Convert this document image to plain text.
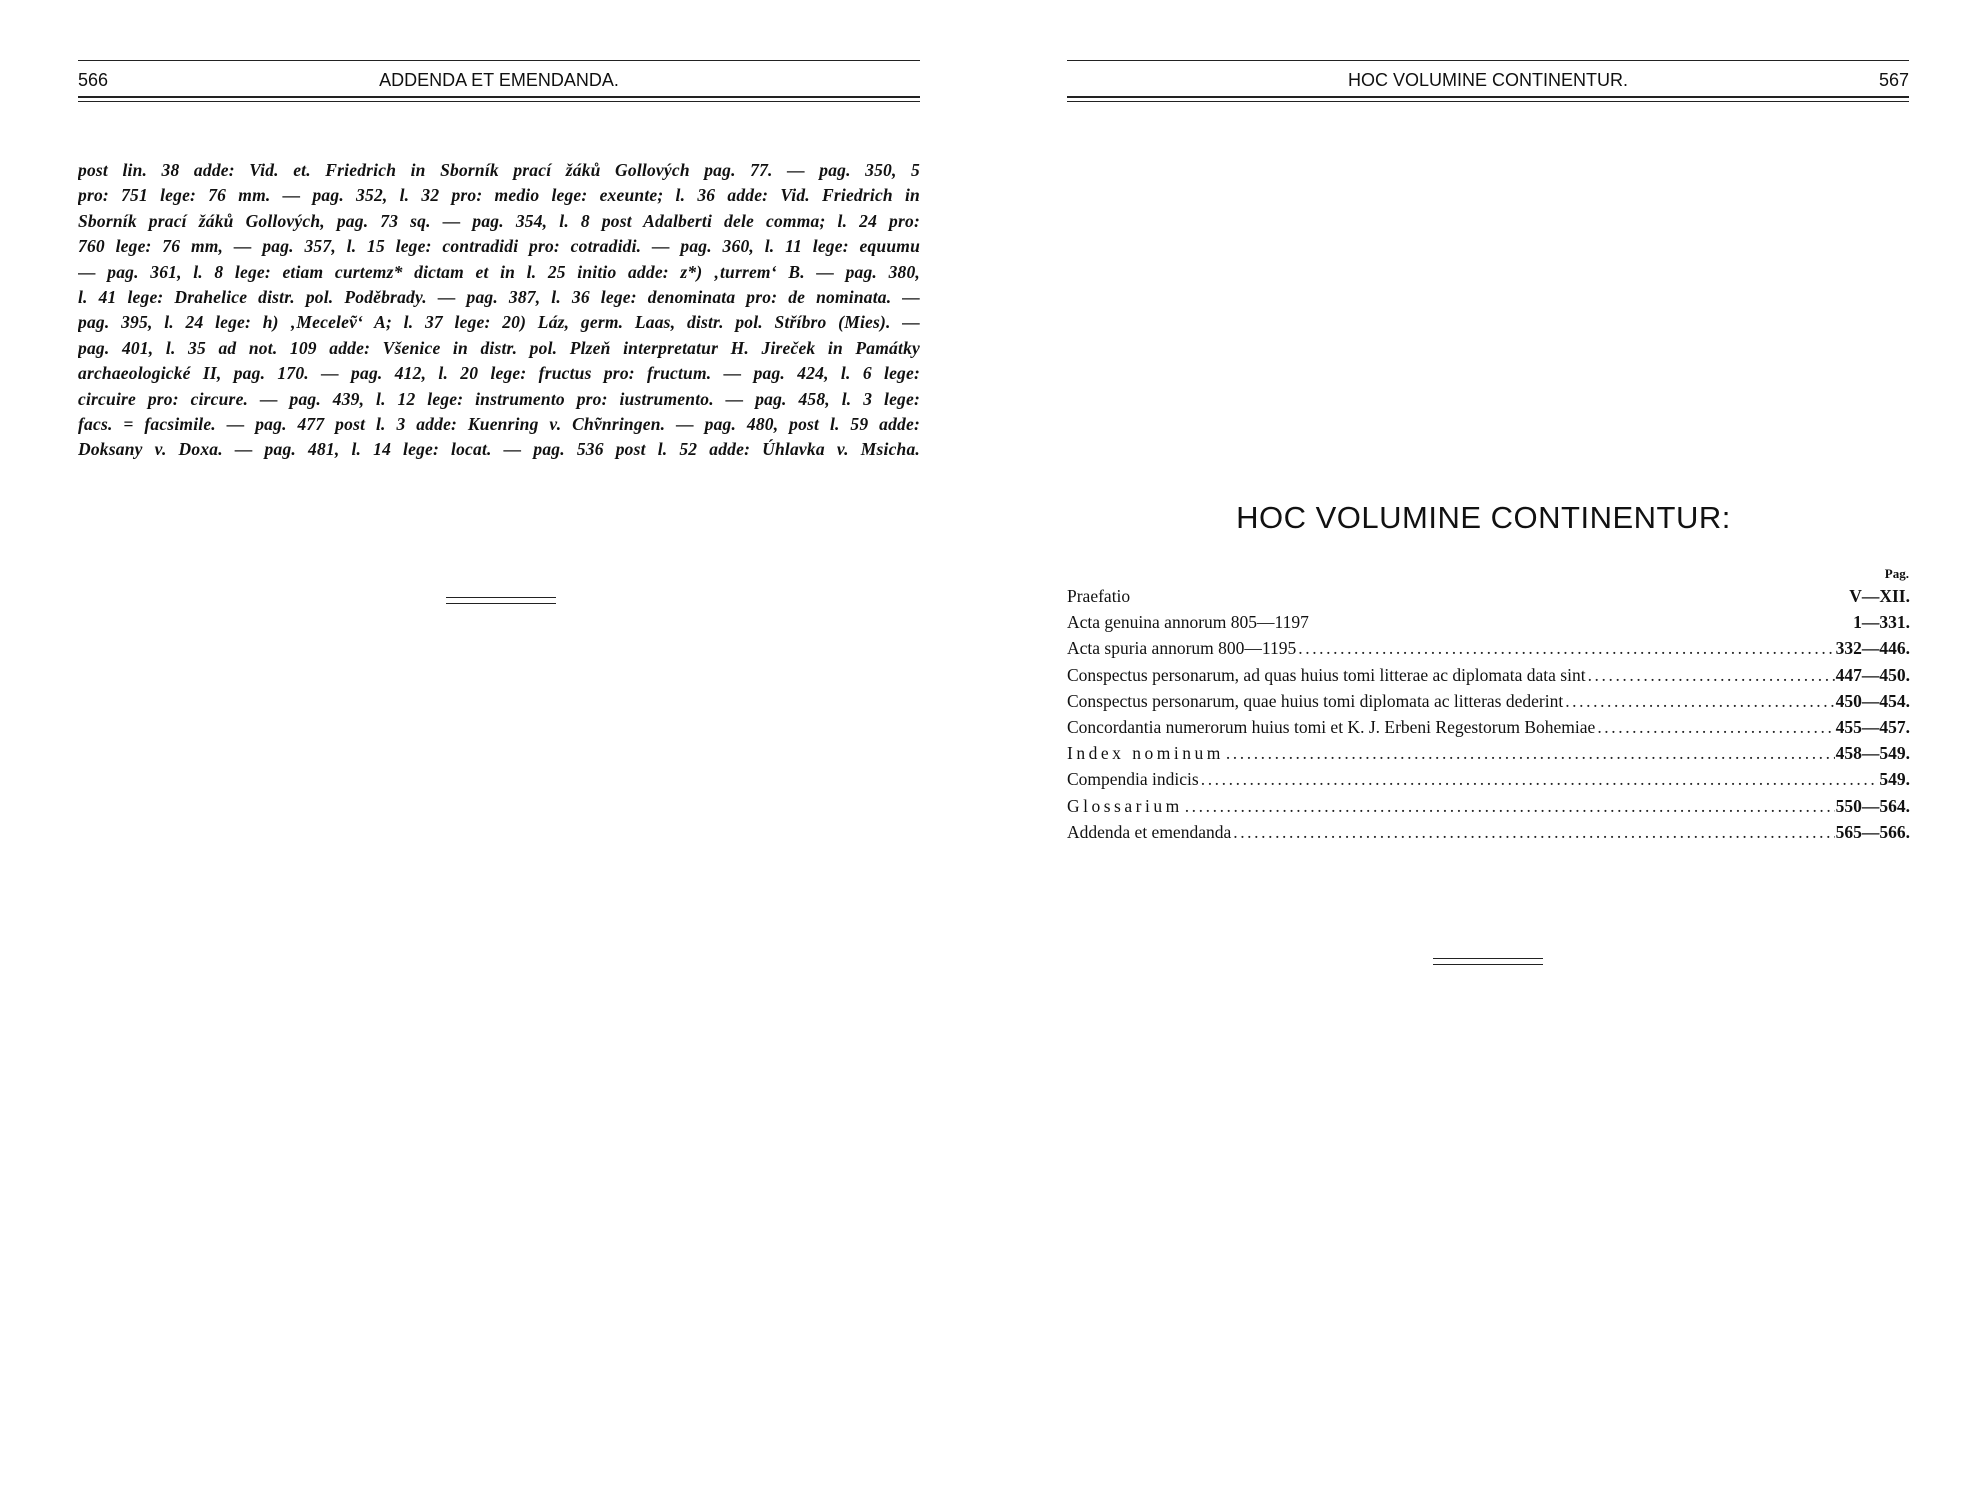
566	ADDENDA ET EMENDANDA.
post lin. 38 adde: Vid. et. Friedrich in Sborník prací žáků Gollových pag. 77. — pag. 350, 5
pro: 751 lege: 76 mm. — pag. 352, l. 32 pro: medio lege: exeunte; l. 36 adde: Vid. Friedrich in
Sborník prací žáků Gollových, pag. 73 sq. — pag. 354, l. 8 post Adalberti dele comma; l. 24 pro:
760 lege: 76 mm, — pag. 357, l. 15 lege: contradidi pro: cotradidi. — pag. 360, l. 11 lege: equumu
— pag. 361, l. 8 lege: etiam curtemz* dictam et in l. 25 initio adde: z*) ‚turrem‘ B. — pag. 380,
l. 41 lege: Drahelice distr. pol. Poděbrady. — pag. 387, l. 36 lege: denominata pro: de nominata. —
pag. 395, l. 24 lege: h) ‚Meceleṽ‘ A; l. 37 lege: 20) Láz, germ. Laas, distr. pol. Stříbro (Mies). —
pag. 401, l. 35 ad not. 109 adde: Všenice in distr. pol. Plzeň interpretatur H. Jireček in Památky
archaeologické II, pag. 170. — pag. 412, l. 20 lege: fructus pro: fructum. — pag. 424, l. 6 lege:
circuire pro: circure. — pag. 439, l. 12 lege: instrumento pro: iustrumento. — pag. 458, l. 3 lege:
facs. = facsimile. — pag. 477 post l. 3 adde: Kuenring v. Chṽnringen. — pag. 480, post l. 59 adde:
Doksany v. Doxa. — pag. 481, l. 14 lege: locat. — pag. 536 post l. 52 adde: Úhlavka v. Msicha.
HOC VOLUMINE CONTINENTUR.	567
HOC VOLUMINE CONTINENTUR:
Pag.
Praefatio	V—XII.
Acta genuina annorum 805—1197	1—331.
Acta spuria annorum 800—1195 .....	332—446.
Conspectus personarum, ad quas huius tomi litterae ac diplomata data sint .....	447—450.
Conspectus personarum, quae huius tomi diplomata ac litteras dederint .....	450—454.
Concordantia numerorum huius tomi et K. J. Erbeni Regestorum Bohemiae .....	455—457.
Index nominum .....	458—549.
Compendia indicis .....	549.
Glossarium .....	550—564.
Addenda et emendanda .....	565—566.
